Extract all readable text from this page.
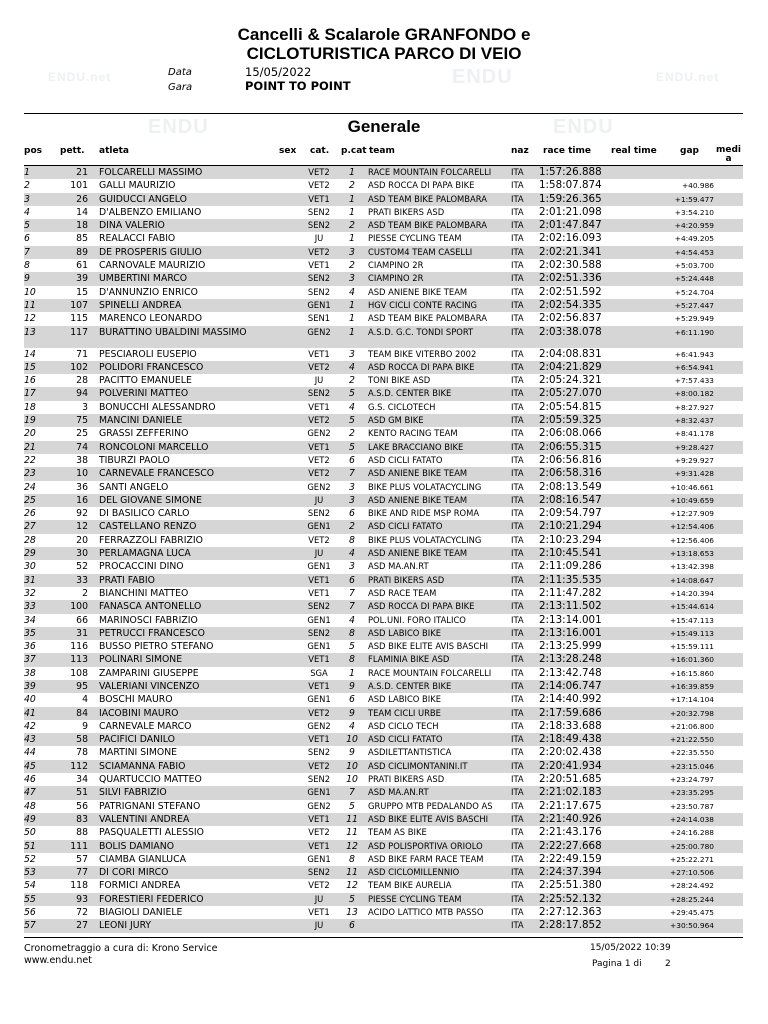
ENDU	ENDU
ENDU
ENDU.net	ENDU.net
Cancelli & Scalarole GRANFONDO e
CICLOTURISTICA PARCO DI VEIO
Data	15/05/2022
Gara	POINT TO POINT
Generale
pos pett. atleta	sex cat. p.cat team	naz race time real time	gap medi
a
1	21 FOLCARELLI MASSIMO	VET2	1	RACE MOUNTAIN FOLCARELLI ITA 1:57:26.888
2	101 GALLI MAURIZIO	VET2	2	ASD ROCCA DI PAPA BIKE	ITA 1:58:07.874	+40.986
3	26 GUIDUCCI ANGELO	VET1	1	ASD TEAM BIKE PALOMBARA	ITA 1:59:26.365	+1:59.477
4	14 D'ALBENZO EMILIANO	SEN2	1	PRATI BIKERS ASD	ITA 2:01:21.098	+3:54.210
5	18 DINA VALERIO	SEN2	2	ASD TEAM BIKE PALOMBARA	ITA 2:01:47.847	+4:20.959
6	85 REALACCI FABIO	JU	1	PIESSE CYCLING TEAM	ITA 2:02:16.093	+4:49.205
7	89 DE PROSPERIS GIULIO	VET2	3	CUSTOM4 TEAM CASELLI	ITA 2:02:21.341	+4:54.453
8	61 CARNOVALE MAURIZIO	VET1	2	CIAMPINO 2R	ITA 2:02:30.588	+5:03.700
9	39 UMBERTINI MARCO	SEN2	3	CIAMPINO 2R	ITA 2:02:51.336	+5:24.448
10	15 D'ANNUNZIO ENRICO	SEN2	4	ASD ANIENE BIKE TEAM	ITA 2:02:51.592	+5:24.704
11	107 SPINELLI ANDREA	GEN1	1	HGV CICLI CONTE RACING	ITA 2:02:54.335	+5:27.447
12	115 MARENCO LEONARDO	SEN1	1	ASD TEAM BIKE PALOMBARA	ITA 2:02:56.837	+5:29.949
13	117 BURATTINO UBALDINI MASSIMO	GEN2	1	A.S.D. G.C. TONDI SPORT	ITA 2:03:38.078	+6:11.190
14	71 PESCIAROLI EUSEPIO	VET1	3	TEAM BIKE VITERBO 2002	ITA 2:04:08.831	+6:41.943
15	102 POLIDORI FRANCESCO	VET2	4	ASD ROCCA DI PAPA BIKE	ITA 2:04:21.829	+6:54.941
16	28 PACITTO EMANUELE	JU	2	TONI BIKE ASD	ITA 2:05:24.321	+7:57.433
17	94 POLVERINI MATTEO	SEN2	5	A.S.D. CENTER BIKE	ITA 2:05:27.070	+8:00.182
18	3 BONUCCHI ALESSANDRO	VET1	4	G.S. CICLOTECH	ITA 2:05:54.815	+8:27.927
19	75 MANCINI DANIELE	VET2	5	ASD GM BIKE	ITA 2:05:59.325	+8:32.437
20	25 GRASSI ZEFFERINO	GEN2	2	KENTO RACING TEAM	ITA 2:06:08.066	+8:41.178
21	74 RONCOLONI MARCELLO	VET1	5	LAKE BRACCIANO BIKE	ITA 2:06:55.315	+9:28.427
22	38 TIBURZI PAOLO	VET2	6	ASD CICLI FATATO	ITA 2:06:56.816	+9:29.927
23	10 CARNEVALE FRANCESCO	VET2	7	ASD ANIENE BIKE TEAM	ITA 2:06:58.316	+9:31.428
24	36 SANTI ANGELO	GEN2	3	BIKE PLUS VOLATACYCLING	ITA 2:08:13.549	+10:46.661
25	16 DEL GIOVANE SIMONE	JU	3	ASD ANIENE BIKE TEAM	ITA 2:08:16.547	+10:49.659
26	92 DI BASILICO CARLO	SEN2	6	BIKE AND RIDE MSP ROMA	ITA 2:09:54.797	+12:27.909
27	12 CASTELLANO RENZO	GEN1	2	ASD CICLI FATATO	ITA 2:10:21.294	+12:54.406
28	20 FERRAZZOLI FABRIZIO	VET2	8	BIKE PLUS VOLATACYCLING	ITA 2:10:23.294	+12:56.406
29	30 PERLAMAGNA LUCA	JU	4	ASD ANIENE BIKE TEAM	ITA 2:10:45.541	+13:18.653
30	52 PROCACCINI DINO	GEN1	3	ASD MA.AN.RT	ITA 2:11:09.286	+13:42.398
31	33 PRATI FABIO	VET1	6	PRATI BIKERS ASD	ITA 2:11:35.535	+14:08.647
32	2 BIANCHINI MATTEO	VET1	7	ASD RACE TEAM	ITA 2:11:47.282	+14:20.394
33	100 FANASCA ANTONELLO	SEN2	7	ASD ROCCA DI PAPA BIKE	ITA 2:13:11.502	+15:44.614
34	66 MARINOSCI FABRIZIO	GEN1	4	POL.UNI. FORO ITALICO	ITA 2:13:14.001	+15:47.113
35	31 PETRUCCI FRANCESCO	SEN2	8	ASD LABICO BIKE	ITA 2:13:16.001	+15:49.113
36	116 BUSSO PIETRO STEFANO	GEN1	5	ASD BIKE ELITE AVIS BASCHI	ITA 2:13:25.999	+15:59.111
37	113 POLINARI SIMONE	VET1	8	FLAMINIA BIKE ASD	ITA 2:13:28.248	+16:01.360
38	108 ZAMPARINI GIUSEPPE	SGA	1	RACE MOUNTAIN FOLCARELLI ITA 2:13:42.748	+16:15.860
39	95 VALERIANI VINCENZO	VET1	9	A.S.D. CENTER BIKE	ITA 2:14:06.747	+16:39.859
40	4 BOSCHI MAURO	GEN1	6	ASD LABICO BIKE	ITA 2:14:40.992	+17:14.104
41	84 IACOBINI MAURO	VET2	9	TEAM CICLI URBE	ITA 2:17:59.686	+20:32.798
42	9 CARNEVALE MARCO	GEN2	4	ASD CICLO TECH	ITA 2:18:33.688	+21:06.800
43	58 PACIFICI DANILO	VET1	10 ASD CICLI FATATO	ITA 2:18:49.438	+21:22.550
44	78 MARTINI SIMONE	SEN2	9	ASDILETTANTISTICA	ITA 2:20:02.438	+22:35.550
45	112 SCIAMANNA FABIO	VET2	10 ASD CICLIMONTANINI.IT	ITA 2:20:41.934	+23:15.046
46	34 QUARTUCCIO MATTEO	SEN2	10 PRATI BIKERS ASD	ITA 2:20:51.685	+23:24.797
47	51 SILVI FABRIZIO	GEN1	7	ASD MA.AN.RT	ITA 2:21:02.183	+23:35.295
48	56 PATRIGNANI STEFANO	GEN2	5	GRUPPO MTB PEDALANDO AS ITA 2:21:17.675	+23:50.787
49	83 VALENTINI ANDREA	VET1	11 ASD BIKE ELITE AVIS BASCHI	ITA 2:21:40.926	+24:14.038
50	88 PASQUALETTI ALESSIO	VET2	11 TEAM AS BIKE	ITA 2:21:43.176	+24:16.288
51	111 BOLIS DAMIANO	VET1	12 ASD POLISPORTIVA ORIOLO	ITA 2:22:27.668	+25:00.780
52	57 CIAMBA GIANLUCA	GEN1	8	ASD BIKE FARM RACE TEAM	ITA 2:22:49.159	+25:22.271
53	77 DI CORI MIRCO	SEN2	11 ASD CICLOMILLENNIO	ITA 2:24:37.394	+27:10.506
54	118 FORMICI ANDREA	VET2	12 TEAM BIKE AURELIA	ITA 2:25:51.380	+28:24.492
55	93 FORESTIERI FEDERICO	JU	5	PIESSE CYCLING TEAM	ITA 2:25:52.132	+28:25.244
56	72 BIAGIOLI DANIELE	VET1	13 ACIDO LATTICO MTB PASSO	ITA 2:27:12.363	+29:45.475
57	27 LEONI JURY	JU	6	ITA 2:28:17.852	+30:50.964
Cronometraggio a cura di: Krono Service
www.endu.net
15/05/2022 10:39
Pagina 1 di	2
